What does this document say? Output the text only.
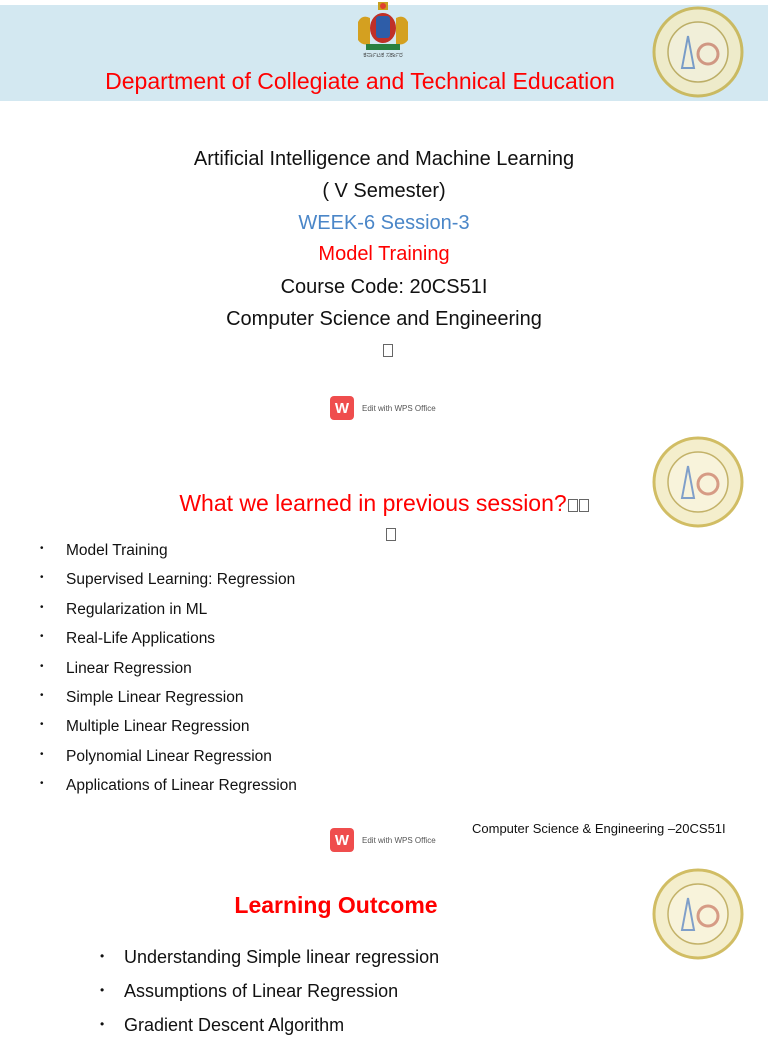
ಕರ್ನಾಟಕ ಸರ್ಕಾರ
Department of Collegiate and Technical Education
Artificial Intelligence and Machine Learning
( V Semester)
WEEK-6 Session-3
Model Training
Course Code: 20CS51I
Computer Science and Engineering
W	Edit with WPS Office
What we learned in previous session?
•	Model Training
•	Supervised Learning: Regression
•	Regularization in ML
•	Real-Life Applications
•	Linear Regression
•	Simple Linear Regression
•	Multiple Linear Regression
•	Polynomial Linear Regression
•	Applications of Linear Regression
W	Edit with WPS Office
Computer Science & Engineering –20CS51I
Learning Outcome
•	Understanding Simple linear regression
•	Assumptions of Linear Regression
•	Gradient Descent Algorithm
